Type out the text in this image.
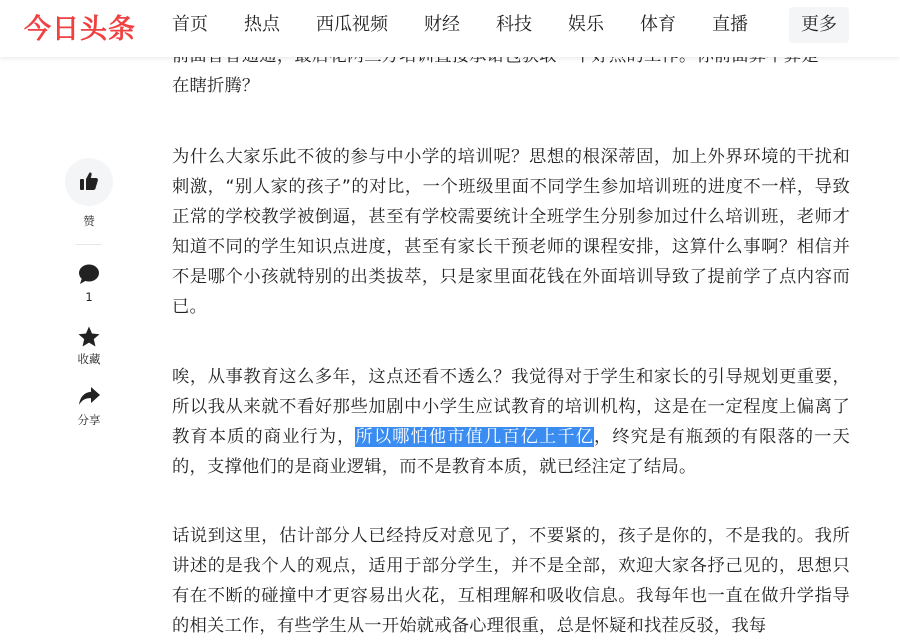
在瞎折腾？

为什么大家乐此不彼的参与中小学的培训呢？思想的根深蒂固，加上外界环境的干扰和刺激，“别人家的孩子”的对比，一个班级里面不同学生参加培训班的进度不一样，导致正常的学校教学被倒逼，甚至有学校需要统计全班学生分别参加过什么培训班，老师才知道不同的学生知识点进度，甚至有家长干预老师的课程安排，这算什么事啊？相信并不是哪个小孩就特别的出类拔萃，只是家里面花钱在外面培训导致了提前学了点内容而已。

唉，从事教育这么多年，这点还看不透么？我觉得对于学生和家长的引导规划更重要，所以我从来就不看好那些加剧中小学生应试教育的培训机构，这是在一定程度上偏离了教育本质的商业行为，所以哪怕他市值几百亿上千亿，终究是有瓶颈的有限落的一天的，支撑他们的是商业逻辑，而不是教育本质，就已经注定了结局。

话说到这里，估计部分人已经持反对意见了，不要紧的，孩子是你的，不是我的。我所讲述的是我个人的观点，适用于部分学生，并不是全部，欢迎大家各抒己见的，思想只有在不断的碰撞中才更容易出火花，互相理解和吸收信息。我每年也一直在做升学指导的相关工作，有些学生从一开始就戒备心理很重，总是怀疑和找茬反驳，我每

今日头条 首页 热点 西瓜视频 财经 科技 娱乐 体育 直播	更多
赞
1
收藏
分享
